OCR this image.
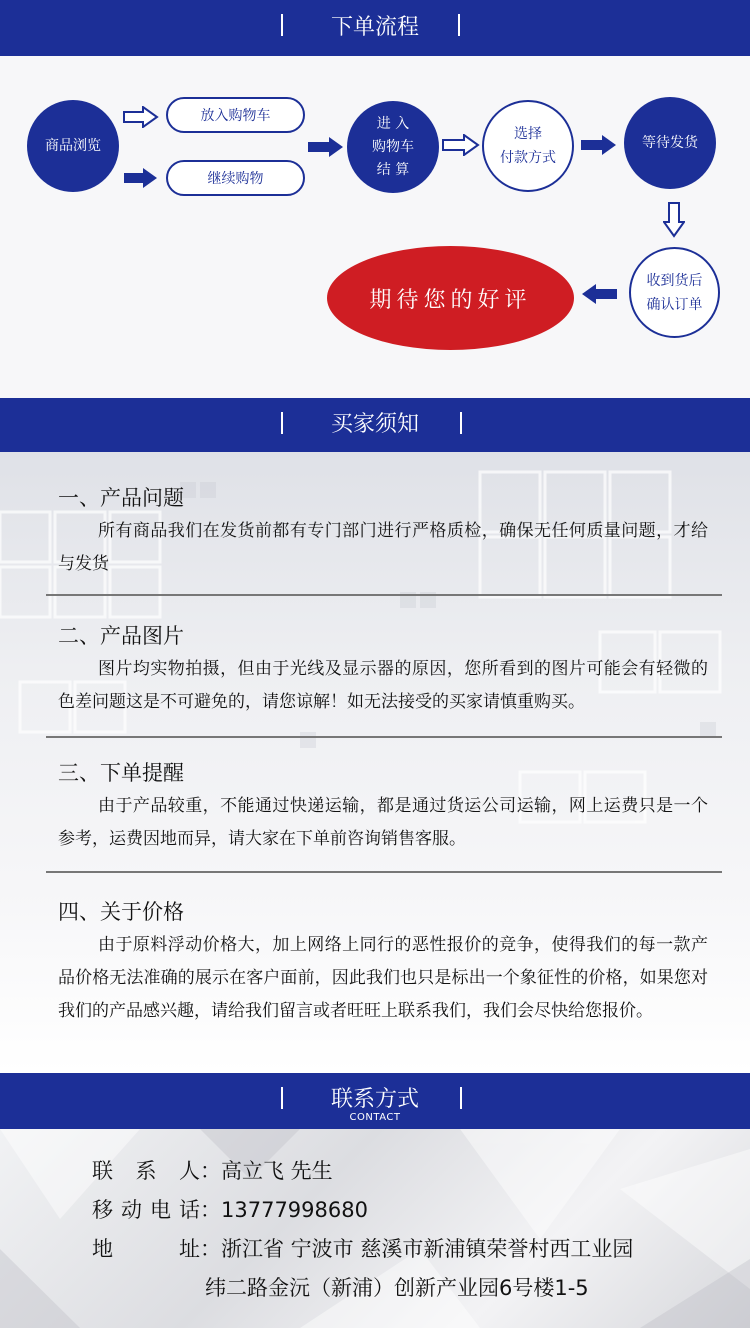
下单流程
商品浏览
放入购物车
继续购物
进 入
购物车
结 算
选择
付款方式
等待发货
收到货后
确认订单
期待您的好评
买家须知
一、产品问题
所有商品我们在发货前都有专门部门进行严格质检，确保无任何质量问题，才给与发货
二、产品图片
图片均实物拍摄，但由于光线及显示器的原因，您所看到的图片可能会有轻微的色差问题这是不可避免的，请您谅解！如无法接受的买家请慎重购买。
三、下单提醒
由于产品较重，不能通过快递运输，都是通过货运公司运输，网上运费只是一个参考，运费因地而异，请大家在下单前咨询销售客服。
四、关于价格
由于原料浮动价格大，加上网络上同行的恶性报价的竞争，使得我们的每一款产品价格无法准确的展示在客户面前，因此我们也只是标出一个象征性的价格，如果您对我们的产品感兴趣，请给我们留言或者旺旺上联系我们，我们会尽快给您报价。
联系方式
CONTACT
联系人：高立飞 先生
移动电话：13777998680
地址：浙江省 宁波市 慈溪市新浦镇荣誉村西工业园
纬二路金沅（新浦）创新产业园6号楼1-5
